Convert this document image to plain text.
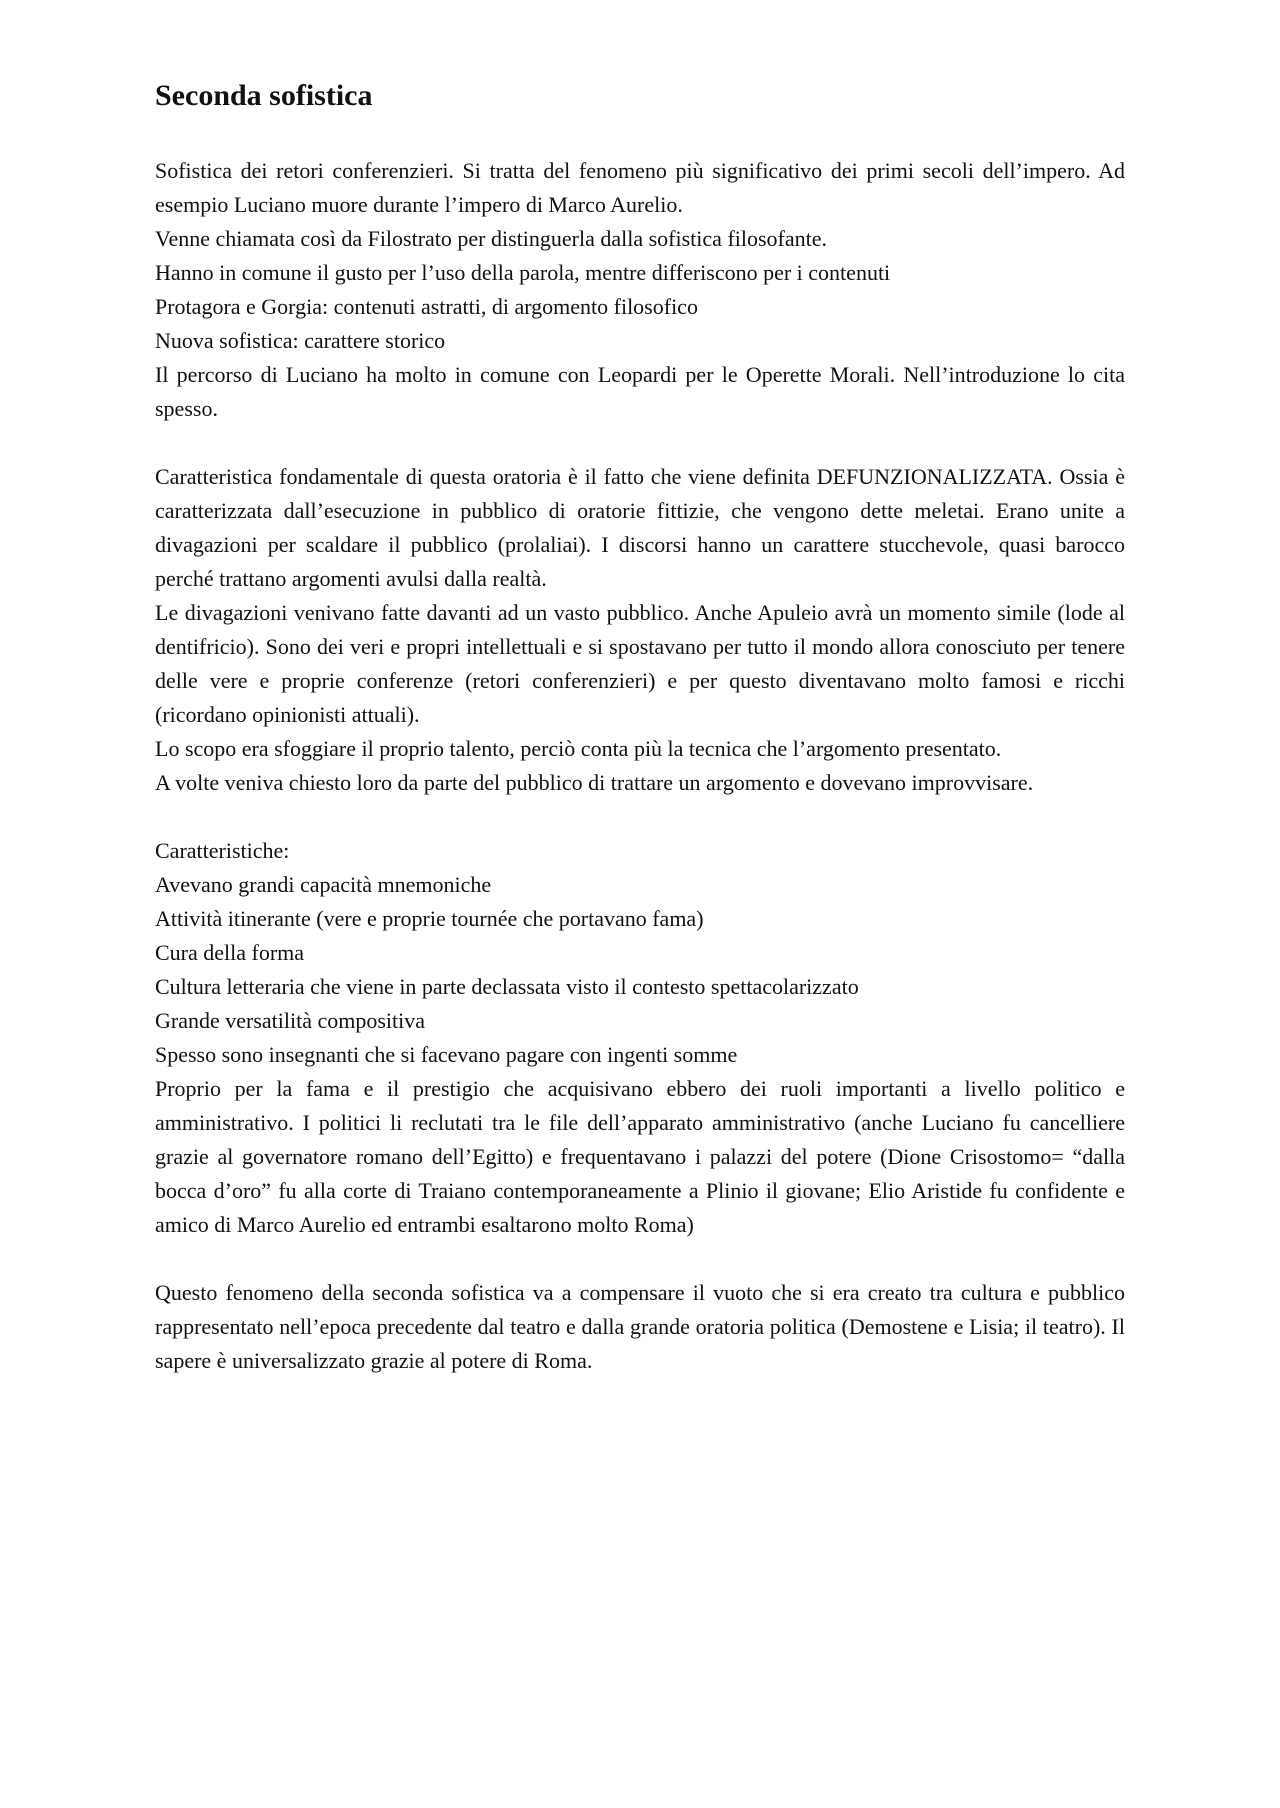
Seconda sofistica

Sofistica dei retori conferenzieri. Si tratta del fenomeno più significativo dei primi secoli dell’impero. Ad esempio Luciano muore durante l’impero di Marco Aurelio.

Venne chiamata così da Filostrato per distinguerla dalla sofistica filosofante.

Hanno in comune il gusto per l’uso della parola, mentre differiscono per i contenuti

Protagora e Gorgia: contenuti astratti, di argomento filosofico

Nuova sofistica: carattere storico

Il percorso di Luciano ha molto in comune con Leopardi per le Operette Morali. Nell’introduzione lo cita spesso.

Caratteristica fondamentale di questa oratoria è il fatto che viene definita DEFUNZIONALIZZATA. Ossia è caratterizzata dall’esecuzione in pubblico di oratorie fittizie, che vengono dette meletai. Erano unite a divagazioni per scaldare il pubblico (prolaliai). I discorsi hanno un carattere stucchevole, quasi barocco perché trattano argomenti avulsi dalla realtà.

Le divagazioni venivano fatte davanti ad un vasto pubblico. Anche Apuleio avrà un momento simile (lode al dentifricio). Sono dei veri e propri intellettuali e si spostavano per tutto il mondo allora conosciuto per tenere delle vere e proprie conferenze (retori conferenzieri) e per questo diventavano molto famosi e ricchi (ricordano opinionisti attuali).

Lo scopo era sfoggiare il proprio talento, perciò conta più la tecnica che l’argomento presentato.

A volte veniva chiesto loro da parte del pubblico di trattare un argomento e dovevano improvvisare.

Caratteristiche:

Avevano grandi capacità mnemoniche

Attività itinerante (vere e proprie tournée che portavano fama)

Cura della forma

Cultura letteraria che viene in parte declassata visto il contesto spettacolarizzato

Grande versatilità compositiva

Spesso sono insegnanti che si facevano pagare con ingenti somme

Proprio per la fama e il prestigio che acquisivano ebbero dei ruoli importanti a livello politico e amministrativo. I politici li reclutati tra le file dell’apparato amministrativo (anche Luciano fu cancelliere grazie al governatore romano dell’Egitto) e frequentavano i palazzi del potere (Dione Crisostomo= “dalla bocca d’oro” fu alla corte di Traiano contemporaneamente a Plinio il giovane; Elio Aristide fu confidente e amico di Marco Aurelio ed entrambi esaltarono molto Roma)

Questo fenomeno della seconda sofistica va a compensare il vuoto che si era creato tra cultura e pubblico rappresentato nell’epoca precedente dal teatro e dalla grande oratoria politica (Demostene e Lisia; il teatro). Il sapere è universalizzato grazie al potere di Roma.
